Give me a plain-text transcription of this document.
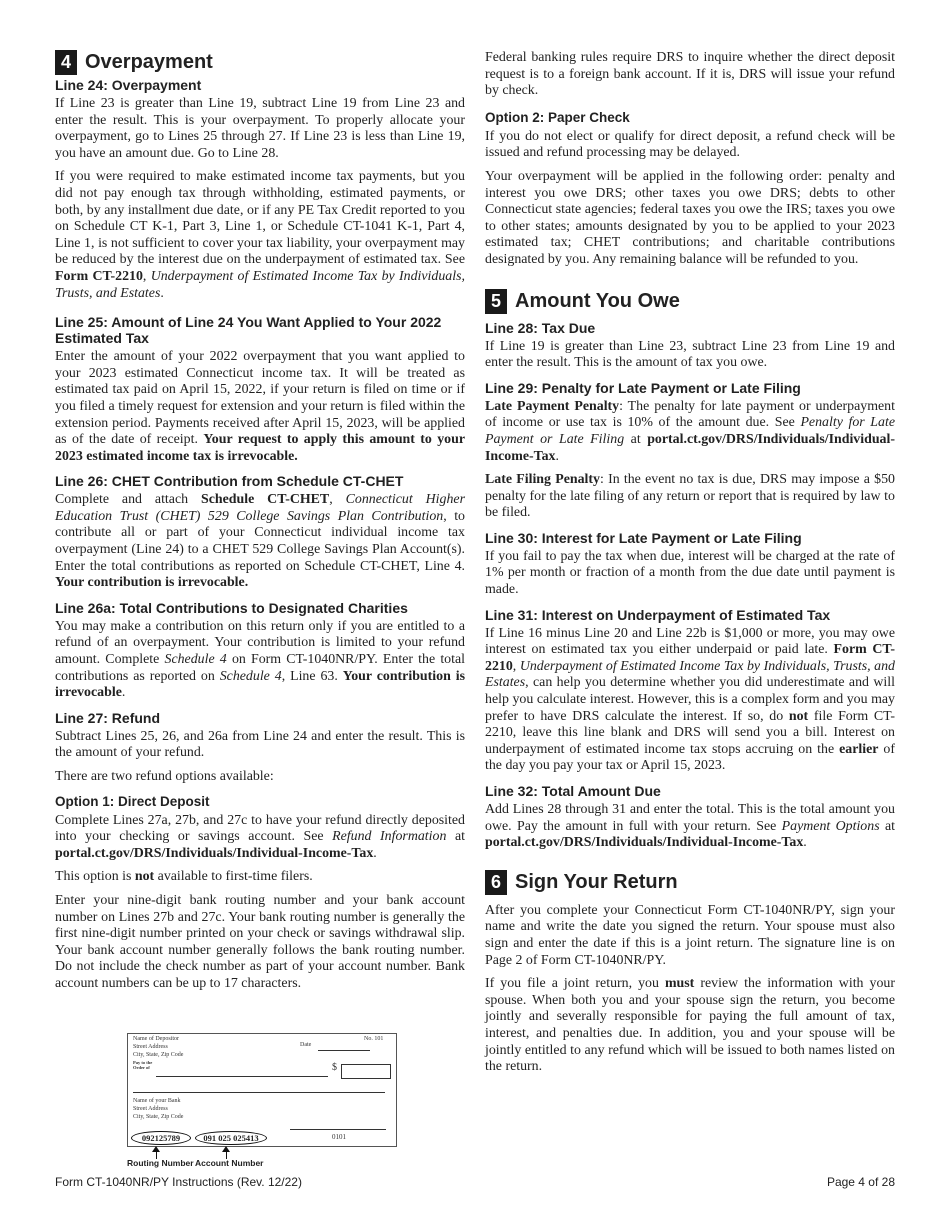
4 Overpayment
Line 24: Overpayment

If Line 23 is greater than Line 19, subtract Line 19 from Line 23 and enter the result. This is your overpayment. To properly allocate your overpayment, go to Lines 25 through 27. If Line 23 is less than Line 19, you have an amount due. Go to Line 28.

If you were required to make estimated income tax payments, but you did not pay enough tax through withholding, estimated payments, or both, by any installment due date, or if any PE Tax Credit reported to you on Schedule CT K-1, Part 3, Line 1, or Schedule CT-1041 K-1, Part 4, Line 1, is not sufficient to cover your tax liability, your overpayment may be reduced by the interest due on the underpayment of estimated tax. See Form CT-2210, Underpayment of Estimated Income Tax by Individuals, Trusts, and Estates.

Line 25: Amount of Line 24 You Want Applied to Your 2022 Estimated Tax

Enter the amount of your 2022 overpayment that you want applied to your 2023 estimated Connecticut income tax. It will be treated as estimated tax paid on April 15, 2022, if your return is filed on time or if you filed a timely request for extension and your return is filed within the extension period. Payments received after April 15, 2023, will be applied as of the date of receipt. Your request to apply this amount to your 2023 estimated income tax is irrevocable.

Line 26: CHET Contribution from Schedule CT-CHET

Complete and attach Schedule CT-CHET, Connecticut Higher Education Trust (CHET) 529 College Savings Plan Contribution, to contribute all or part of your Connecticut individual income tax overpayment (Line 24) to a CHET 529 College Savings Plan Account(s). Enter the total contributions as reported on Schedule CT-CHET, Line 4. Your contribution is irrevocable.

Line 26a: Total Contributions to Designated Charities

You may make a contribution on this return only if you are entitled to a refund of an overpayment. Your contribution is limited to your refund amount. Complete Schedule 4 on Form CT-1040NR/PY. Enter the total contributions as reported on Schedule 4, Line 63. Your contribution is irrevocable.

Line 27: Refund

Subtract Lines 25, 26, and 26a from Line 24 and enter the result. This is the amount of your refund.

There are two refund options available:

Option 1: Direct Deposit

Complete Lines 27a, 27b, and 27c to have your refund directly deposited into your checking or savings account. See Refund Information at portal.ct.gov/DRS/Individuals/Individual-Income-Tax.

This option is not available to first-time filers.

Enter your nine-digit bank routing number and your bank account number on Lines 27b and 27c. Your bank routing number is generally the first nine-digit number printed on your check or savings withdrawal slip. Your bank account number generally follows the bank routing number. Do not include the check number as part of your account number. Bank account numbers can be up to 17 characters.

Name of Depositor
Street Address
City, State, Zip Code
Pay to the
Order of
Date
No. 101
$
Name of your Bank
Street Address
City, State, Zip Code
092125789	091 025 025413	0101
Routing Number Account Number

Federal banking rules require DRS to inquire whether the direct deposit request is to a foreign bank account. If it is, DRS will issue your refund by check.

Option 2: Paper Check

If you do not elect or qualify for direct deposit, a refund check will be issued and refund processing may be delayed.

Your overpayment will be applied in the following order: penalty and interest you owe DRS; other taxes you owe DRS; debts to other Connecticut state agencies; federal taxes you owe the IRS; taxes you owe to other states; amounts designated by you to be applied to your 2023 estimated tax; CHET contributions; and charitable contributions designated by you. Any remaining balance will be refunded to you.

5 Amount You Owe
Line 28: Tax Due

If Line 19 is greater than Line 23, subtract Line 23 from Line 19 and enter the result. This is the amount of tax you owe.

Line 29: Penalty for Late Payment or Late Filing

Late Payment Penalty: The penalty for late payment or underpayment of income or use tax is 10% of the amount due. See Penalty for Late Payment or Late Filing at portal.ct.gov/DRS/Individuals/Individual-Income-Tax.

Late Filing Penalty: In the event no tax is due, DRS may impose a $50 penalty for the late filing of any return or report that is required by law to be filed.

Line 30: Interest for Late Payment or Late Filing

If you fail to pay the tax when due, interest will be charged at the rate of 1% per month or fraction of a month from the due date until payment is made.

Line 31: Interest on Underpayment of Estimated Tax

If Line 16 minus Line 20 and Line 22b is $1,000 or more, you may owe interest on estimated tax you either underpaid or paid late. Form CT-2210, Underpayment of Estimated Income Tax by Individuals, Trusts, and Estates, can help you determine whether you did underestimate and will help you calculate interest. However, this is a complex form and you may prefer to have DRS calculate the interest. If so, do not file Form CT-2210, leave this line blank and DRS will send you a bill. Interest on underpayment of estimated income tax stops accruing on the earlier of the day you pay your tax or April 15, 2023.

Line 32: Total Amount Due

Add Lines 28 through 31 and enter the total. This is the total amount you owe. Pay the amount in full with your return. See Payment Options at portal.ct.gov/DRS/Individuals/Individual-Income-Tax.

6 Sign Your Return

After you complete your Connecticut Form CT-1040NR/PY, sign your name and write the date you signed the return. Your spouse must also sign and enter the date if this is a joint return. The signature line is on Page 2 of Form CT-1040NR/PY.

If you file a joint return, you must review the information with your spouse. When both you and your spouse sign the return, you become jointly and severally responsible for paying the full amount of tax, interest, and penalties due. In addition, you and your spouse will be jointly entitled to any refund which will be issued to both names listed on the return.

Form CT-1040NR/PY Instructions (Rev. 12/22)	Page 4 of 28
